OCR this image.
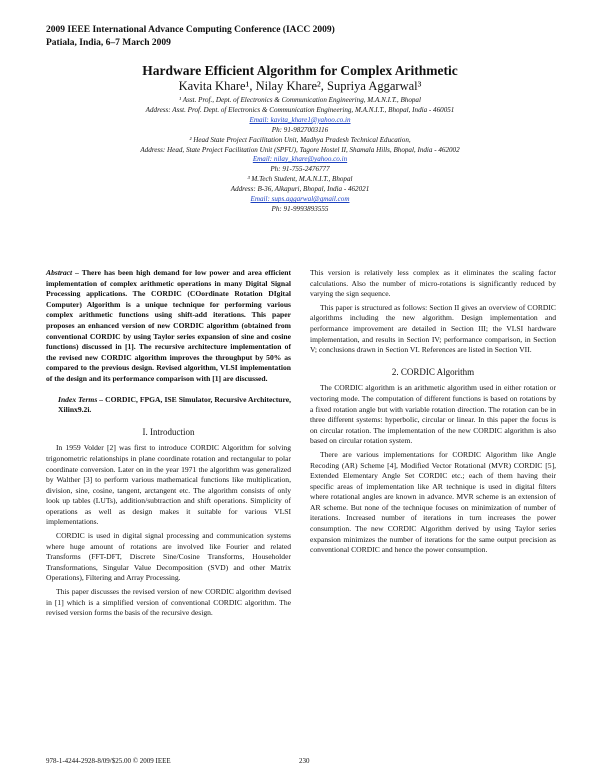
2009 IEEE International Advance Computing Conference (IACC 2009)
Patiala, India, 6–7 March 2009
Hardware Efficient Algorithm for Complex Arithmetic
Kavita Khare¹, Nilay Khare², Supriya Aggarwal³
¹ Asst. Prof., Dept. of Electronics & Communication Engineering, M.A.N.I.T., Bhopal
Address: Asst. Prof. Dept. of Electronics & Communication Engineering, M.A.N.I.T., Bhopal, India - 460051
Email: kavita_khare1@yahoo.co.in
Ph: 91-9827003116
² Head State Project Facilitation Unit, Madhya Pradesh Technical Education,
Address: Head, State Project Facilitation Unit (SPFU), Tagore Hostel II, Shamala Hills, Bhopal, India - 462002
Email: nilay_khare@yahoo.co.in
Ph: 91-755-2476777
³ M.Tech Student, M.A.N.I.T., Bhopal
Address: B-36, Alkapuri, Bhopal, India - 462021
Email: sups.aggarwal@gmail.com
Ph: 91-9993893555

Abstract – There has been high demand for low power and area efficient implementation of complex arithmetic operations in many Digital Signal Processing applications. The CORDIC (COordinate Rotation DIgital Computer) Algorithm is a unique technique for performing various complex arithmetic functions using shift-add iterations. This paper proposes an enhanced version of new CORDIC algorithm (obtained from conventional CORDIC by using Taylor series expansion of sine and cosine functions) discussed in [1]. The recursive architecture implementation of the revised new CORDIC algorithm improves the throughput by 50% as compared to the previous design. Revised algorithm, VLSI implementation of the design and its performance comparison with [1] are discussed.

Index Terms – CORDIC, FPGA, ISE Simulator, Recursive Architecture, Xilinx9.2i.

I. Introduction

In 1959 Volder [2] was first to introduce CORDIC Algorithm for solving trigonometric relationships in plane coordinate rotation and rectangular to polar coordinate conversion. Later on in the year 1971 the algorithm was generalized by Walther [3] to perform various mathematical functions like multiplication, division, sine, cosine, tangent, arctangent etc. The algorithm consists of only look up tables (LUTs), addition/subtraction and shift operations. Simplicity of operations as well as design makes it suitable for various VLSI implementations.

CORDIC is used in digital signal processing and communication systems where huge amount of rotations are involved like Fourier and related Transforms (FFT-DFT, Discrete Sine/Cosine Transforms, Householder Transformations, Singular Value Decomposition (SVD) and other Matrix Operations), Filtering and Array Processing.

This paper discusses the revised version of new CORDIC algorithm devised in [1] which is a simplified version of conventional CORDIC algorithm. The revised version forms the basis of the recursive design.

This version is relatively less complex as it eliminates the scaling factor calculations. Also the number of micro-rotations is significantly reduced by varying the sign sequence.

This paper is structured as follows: Section II gives an overview of CORDIC algorithms including the new algorithm. Design implementation and performance improvement are detailed in Section III; the VLSI hardware implementation, and results in Section IV; performance comparison, in Section V; conclusions drawn in Section VI. References are listed in Section VII.

2. CORDIC Algorithm

The CORDIC algorithm is an arithmetic algorithm used in either rotation or vectoring mode. The computation of different functions is based on rotations by a fixed rotation angle but with variable rotation direction. The rotation can be in three different systems: hyperbolic, circular or linear. In this paper the focus is on circular rotation. The implementation of the new CORDIC algorithm is also based on circular rotation system.

There are various implementations for CORDIC Algorithm like Angle Recoding (AR) Scheme [4], Modified Vector Rotational (MVR) CORDIC [5], Extended Elementary Angle Set CORDIC etc.; each of them having their specific areas of implementation like AR technique is used in digital filters where rotational angles are known in advance. MVR scheme is an extension of AR scheme. But none of the technique focuses on minimization of number of iterations. Increased number of iterations in turn increases the power consumption. The new CORDIC Algorithm derived by using Taylor series expansion minimizes the number of iterations for the same output precision as conventional CORDIC and hence the power consumption.

978-1-4244-2928-8/09/$25.00 © 2009 IEEE	230
